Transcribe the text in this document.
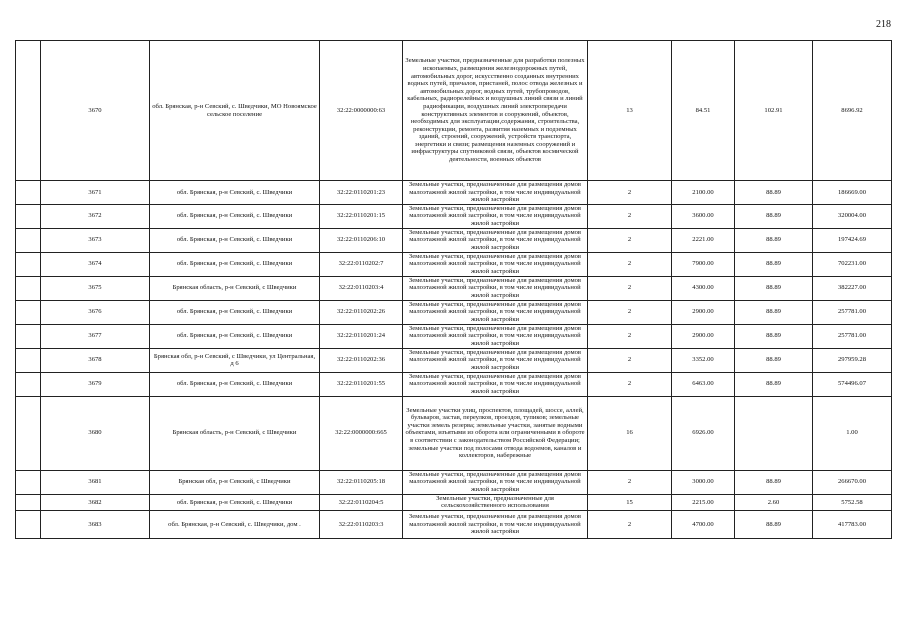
218
	3670	обл. Брянская, р-н Севский, с. Шведчики, МО Новоямское сельское поселение	32:22:0000000:63	Земельные участки, предназначенные для разработки полезных ископаемых, размещения железнодорожных путей, автомобильных дорог, искусственно созданных внутренних водных путей, причалов, пристаней, полос отвода железных и автомобильных дорог, водных путей, трубопроводов, кабельных, радиорелейных и воздушных линий связи и линий радиофикации, воздушных линий электропередачи конструктивных элементов и сооружений, объектов, необходимых для эксплуатации,содержания, строительства, реконструкции, ремонта, развития наземных и подземных зданий, строений, сооружений, устройств транспорта, энергетики и связи; размещения наземных сооружений и инфраструктуры спутниковой связи, объектов космической деятельности, военных объектов	13	84.51	102.91	8696.92
	3671	обл. Брянская, р-н Севский, с. Шведчики	32:22:0110201:23	Земельные участки, предназначенные для размещения домов малоэтажной жилой застройки, в том числе индивидуальной жилой застройки	2	2100.00	88.89	186669.00
	3672	обл. Брянская, р-н Севский, с. Шведчики	32:22:0110201:15	Земельные участки, предназначенные для размещения домов малоэтажной жилой застройки, в том числе индивидуальной жилой застройки	2	3600.00	88.89	320004.00
	3673	обл. Брянская, р-н Севский, с. Шведчики	32:22:0110206:10	Земельные участки, предназначенные для размещения домов малоэтажной жилой застройки, в том числе индивидуальной жилой застройки	2	2221.00	88.89	197424.69
	3674	обл. Брянская, р-н Севский, с. Шведчики	32:22:0110202:7	Земельные участки, предназначенные для размещения домов малоэтажной жилой застройки, в том числе индивидуальной жилой застройки	2	7900.00	88.89	702231.00
	3675	Брянская область, р-н Севский, с Шведчики	32:22:0110203:4	Земельные участки, предназначенные для размещения домов малоэтажной жилой застройки, в том числе индивидуальной жилой застройки	2	4300.00	88.89	382227.00
	3676	обл. Брянская, р-н Севский, с. Шведчики	32:22:0110202:26	Земельные участки, предназначенные для размещения домов малоэтажной жилой застройки, в том числе индивидуальной жилой застройки	2	2900.00	88.89	257781.00
	3677	обл. Брянская, р-н Севский, с. Шведчики	32:22:0110201:24	Земельные участки, предназначенные для размещения домов малоэтажной жилой застройки, в том числе индивидуальной жилой застройки	2	2900.00	88.89	257781.00
	3678	Брянская обл, р-н Севский, с Шведчики, ул Центральная, д 6	32:22:0110202:36	Земельные участки, предназначенные для размещения домов малоэтажной жилой застройки, в том числе индивидуальной жилой застройки	2	3352.00	88.89	297959.28
	3679	обл. Брянская, р-н Севский, с. Шведчики	32:22:0110201:55	Земельные участки, предназначенные для размещения домов малоэтажной жилой застройки, в том числе индивидуальной жилой застройки	2	6463.00	88.89	574496.07
	3680	Брянская область, р-н Севский, с Шведчики	32:22:0000000:665	Земельные участки улиц, проспектов, площадей, шоссе, аллей, бульваров, застав, переулков, проездов, тупиков; земельные участки земель резерва; земельные участки, занятые водными объектами, изъятыми из оборота или ограниченными в обороте в соответствии с законодательством Российской Федерации; земельные участки под полосами отвода водоемов, каналов и коллекторов, набережные	16	6926.00		1.00
	3681	Брянская обл, р-н Севский, с Шведчики	32:22:0110205:18	Земельные участки, предназначенные для размещения домов малоэтажной жилой застройки, в том числе индивидуальной жилой застройки	2	3000.00	88.89	266670.00
	3682	обл. Брянская, р-н Севский, с. Шведчики	32:22:0110204:5	Земельные участки, предназначенные для сельскохозяйственного использования	15	2215.00	2.60	5752.58
	3683	обл. Брянская, р-н Севский, с. Шведчики, дом .	32:22:0110203:3	Земельные участки, предназначенные для размещения домов малоэтажной жилой застройки, в том числе индивидуальной жилой застройки	2	4700.00	88.89	417783.00
